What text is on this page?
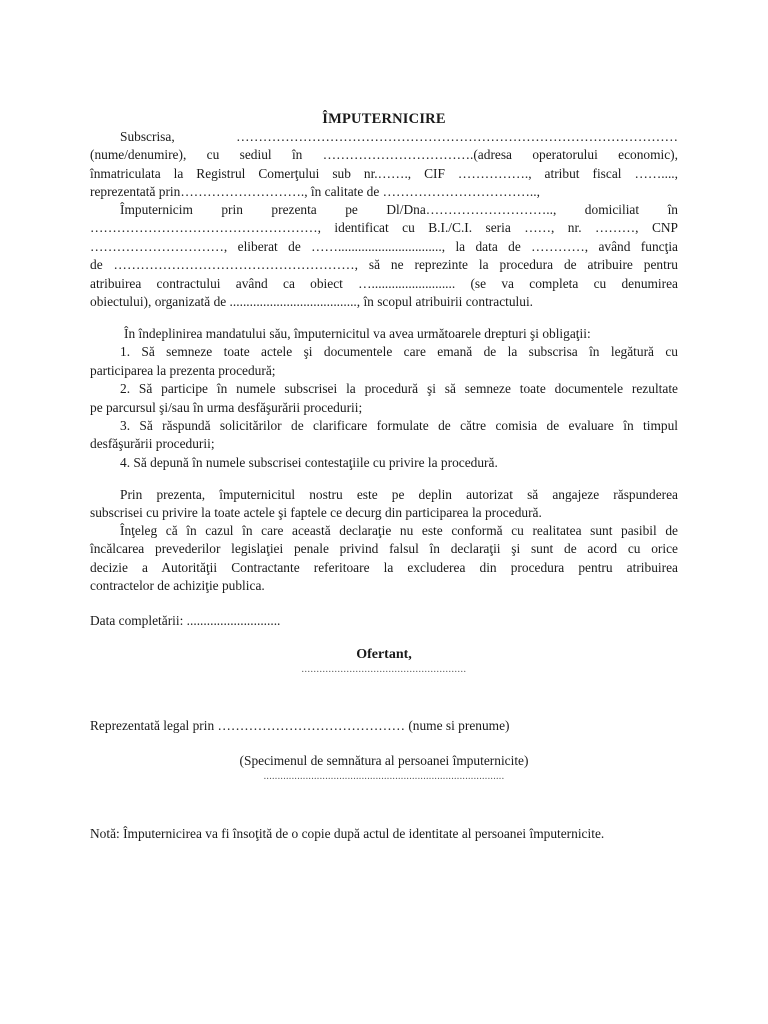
ÎMPUTERNICIRE
Subscrisa, ………………………………………………………………………………………
(nume/denumire), cu sediul în …………………………….(adresa operatorului economic),
înmatriculata la Registrul Comerţului sub nr.……., CIF ……………., atribut fiscal ……....,
reprezentată prin………………………., în calitate de ……………………………..,
Împuternicim prin prezenta pe Dl/Dna……………………….., domiciliat în
……………………………………………, identificat cu B.I./C.I. seria ……, nr. ………, CNP
…………………………, eliberat de ……..............................., la data de …………, având funcţia
de ………………………………………………, să ne reprezinte la procedura de atribuire pentru
atribuirea contractului având ca obiect …......................... (se va completa cu denumirea
obiectului), organizată de ......................................, în scopul atribuirii contractului.
În îndeplinirea mandatului său, împuternicitul va avea următoarele drepturi şi obligaţii:
1. Să semneze toate actele şi documentele care emană de la subscrisa în legătură cu
participarea la prezenta procedură;
2. Să participe în numele subscrisei la procedură şi să semneze toate documentele rezultate
pe parcursul şi/sau în urma desfăşurării procedurii;
3. Să răspundă solicitărilor de clarificare formulate de către comisia de evaluare în timpul
desfăşurării procedurii;
4. Să depună în numele subscrisei contestaţiile cu privire la procedură.
Prin prezenta, împuternicitul nostru este pe deplin autorizat să angajeze răspunderea
subscrisei cu privire la toate actele şi faptele ce decurg din participarea la procedură.
Înţeleg că în cazul în care această declaraţie nu este conformă cu realitatea sunt pasibil de
încălcarea prevederilor legislaţiei penale privind falsul în declaraţii şi sunt de acord cu orice
decizie a Autorităţii Contractante referitoare la excluderea din procedura pentru atribuirea
contractelor de achiziţie publica.
Data completării: ............................
Ofertant,
.......................................................
Reprezentată legal prin …………………………………… (nume si prenume)
(Specimenul de semnătura al persoanei împuternicite)
......................................................................................
Notă: Împuternicirea va fi însoţită de o copie după actul de identitate al persoanei împuternicite.
